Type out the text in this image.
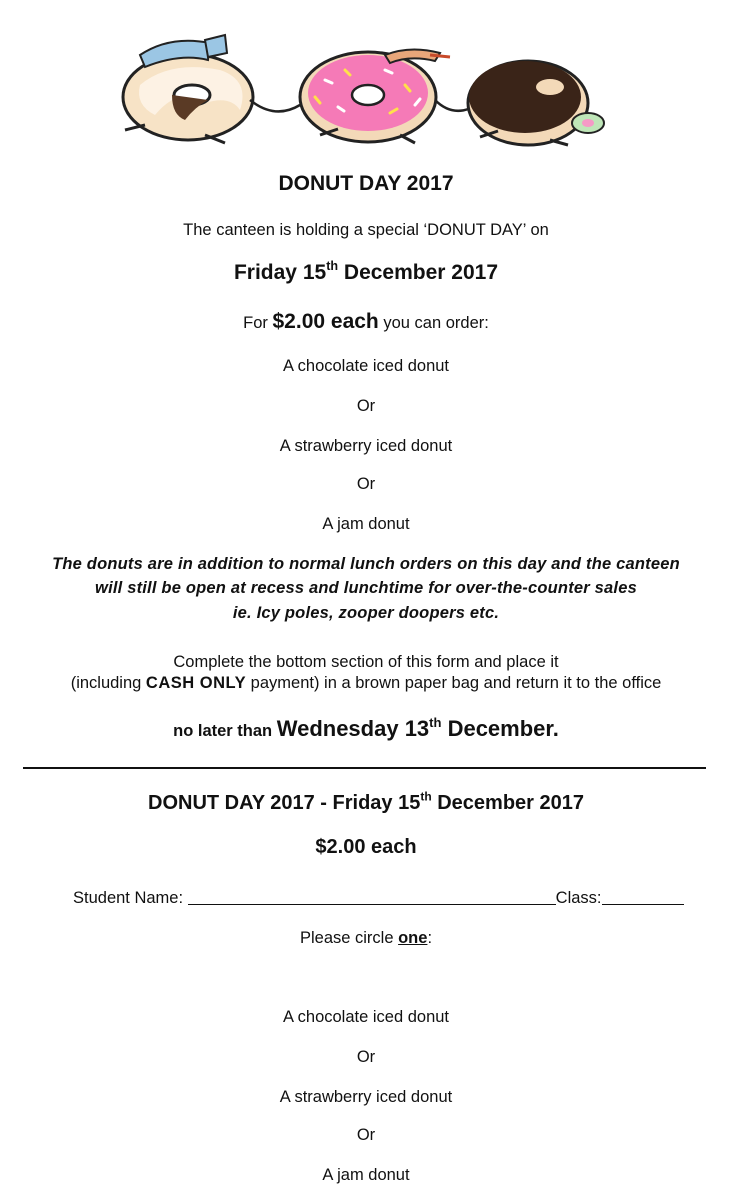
DONUT DAY 2017
The canteen is holding a special ‘DONUT DAY’ on
Friday 15th December 2017
For $2.00 each you can order:
A chocolate iced donut
Or
A strawberry iced donut
Or
A jam donut
The donuts are in addition to normal lunch orders on this day and the canteen
will still be open at recess and lunchtime for over-the-counter sales
ie. Icy poles, zooper doopers etc.
Complete the bottom section of this form and place it
(including CASH ONLY payment) in a brown paper bag and return it to the office
no later than Wednesday 13th December.
DONUT DAY 2017 - Friday 15th December 2017
$2.00 each
Student Name:	Class:
Please circle one:
A chocolate iced donut
Or
A strawberry iced donut
Or
A jam donut
